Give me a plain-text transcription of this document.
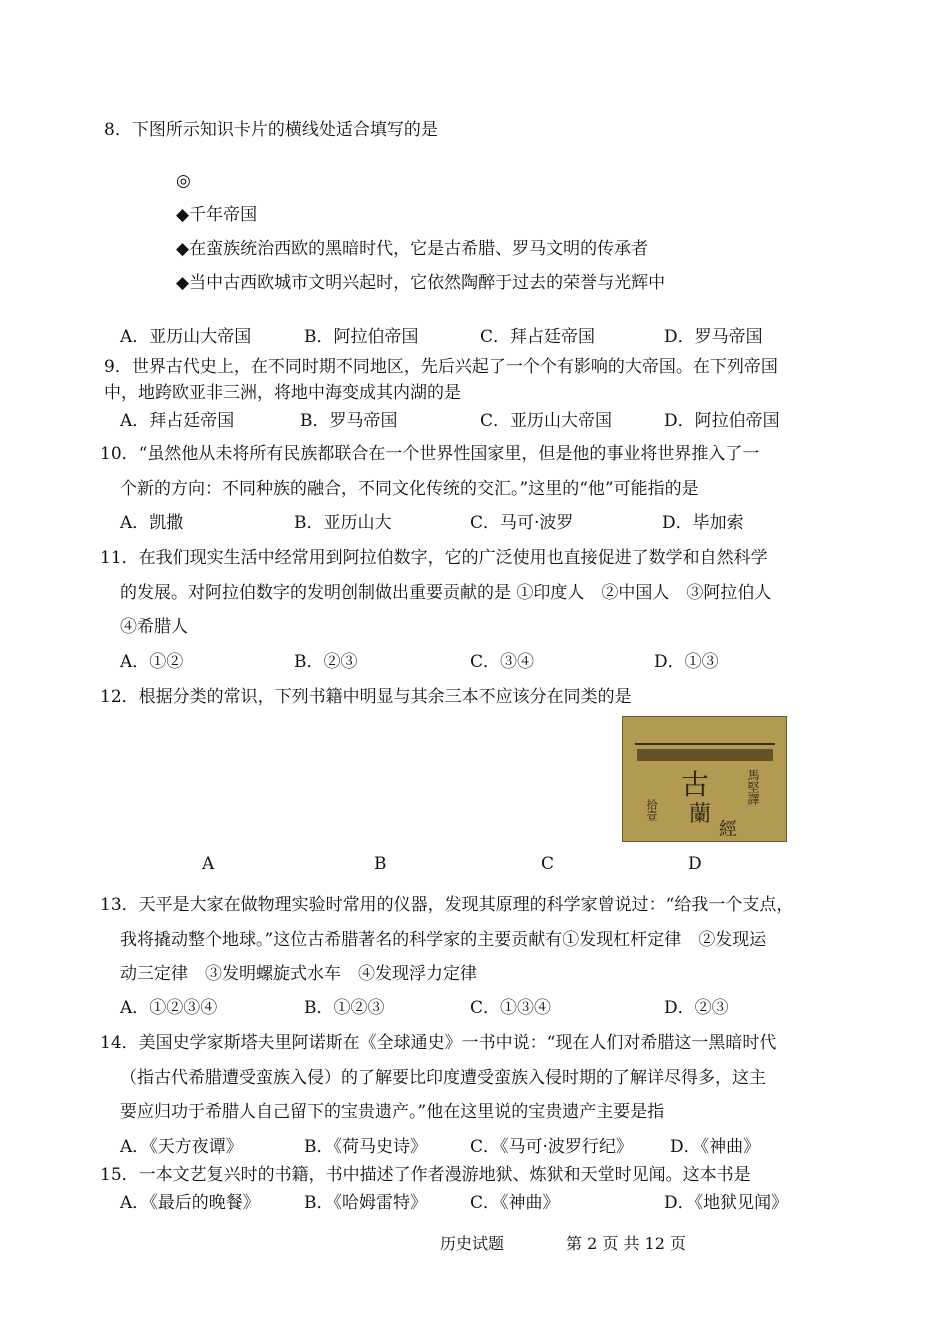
8．下图所示知识卡片的横线处适合填写的是
◎
◆千年帝国
◆在蛮族统治西欧的黑暗时代，它是古希腊、罗马文明的传承者
◆当中古西欧城市文明兴起时，它依然陶醉于过去的荣誉与光辉中
A．亚历山大帝国	B．阿拉伯帝国	C．拜占廷帝国	D．罗马帝国
9．世界古代史上，在不同时期不同地区，先后兴起了一个个有影响的大帝国。在下列帝国
中，地跨欧亚非三洲，将地中海变成其内湖的是
A．拜占廷帝国	B．罗马帝国	C．亚历山大帝国	D．阿拉伯帝国
10．“虽然他从未将所有民族都联合在一个世界性国家里，但是他的事业将世界推入了一
个新的方向：不同种族的融合，不同文化传统的交汇。”这里的“他”可能指的是
A．凯撒	B．亚历山大	C．马可·波罗	D．毕加索
11．在我们现实生活中经常用到阿拉伯数字，它的广泛使用也直接促进了数学和自然科学
的发展。对阿拉伯数字的发明创制做出重要贡献的是 ①印度人　②中国人　③阿拉伯人
④希腊人
A．①②	B．②③	C．③④	D．①③
12．根据分类的常识，下列书籍中明显与其余三本不应该分在同类的是
古
蘭
經
馬堅譯
拾壹
A	B	C	D
13．天平是大家在做物理实验时常用的仪器，发现其原理的科学家曾说过：“给我一个支点，
我将撬动整个地球。”这位古希腊著名的科学家的主要贡献有①发现杠杆定律　②发现运
动三定律　③发明螺旋式水车　④发现浮力定律
A．①②③④	B．①②③	C．①③④	D．②③
14．美国史学家斯塔夫里阿诺斯在《全球通史》一书中说：“现在人们对希腊这一黑暗时代
（指古代希腊遭受蛮族入侵）的了解要比印度遭受蛮族入侵时期的了解详尽得多，这主
要应归功于希腊人自己留下的宝贵遗产。”他在这里说的宝贵遗产主要是指
A．《天方夜谭》	B．《荷马史诗》	C．《马可·波罗行纪》 D．《神曲》
15．一本文艺复兴时的书籍，书中描述了作者漫游地狱、炼狱和天堂时见闻。这本书是
A．《最后的晚餐》	B．《哈姆雷特》	C．《神曲》	D．《地狱见闻》
历史试题	第 2 页 共 12 页
